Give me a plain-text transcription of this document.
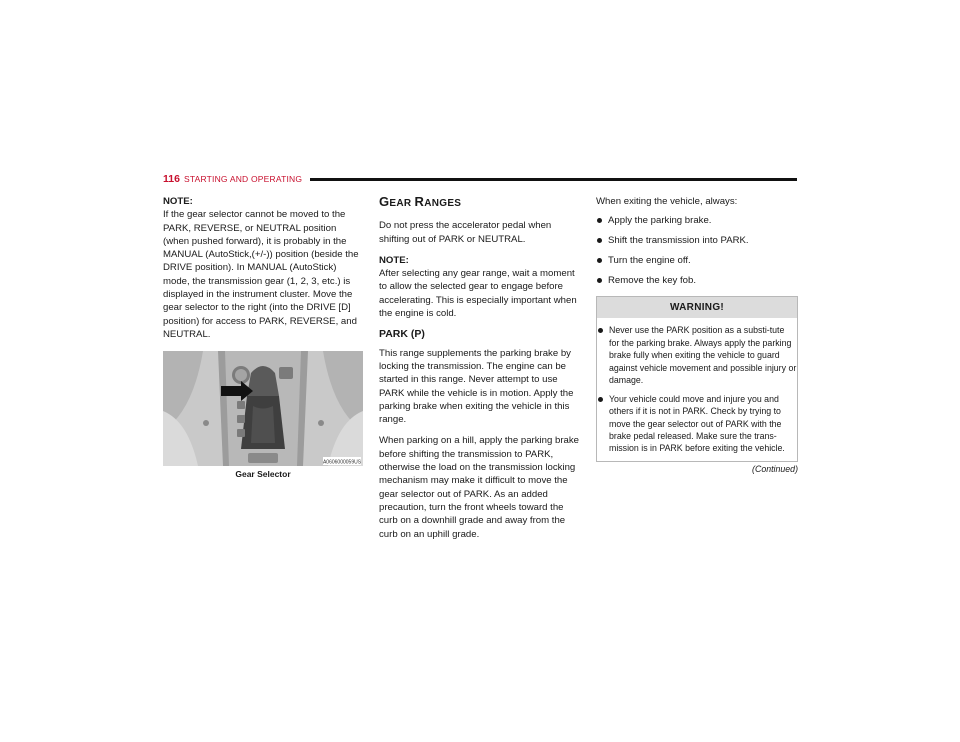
116 STARTING AND OPERATING

NOTE:

If the gear selector cannot be moved to the PARK, REVERSE, or NEUTRAL position (when pushed forward), it is probably in the MANUAL (AutoStick,(+/-)) position (beside the DRIVE position). In MANUAL (AutoStick) mode, the transmission gear (1, 2, 3, etc.) is displayed in the instrument cluster. Move the gear selector to the right (into the DRIVE [D] position) for access to PARK, REVERSE, and NEUTRAL.

A0606000059US
Gear Selector
GEAR RANGES

Do not press the accelerator pedal when shifting out of PARK or NEUTRAL.

NOTE:

After selecting any gear range, wait a moment to allow the selected gear to engage before accelerating. This is especially important when the engine is cold.

PARK (P)

This range supplements the parking brake by locking the transmission. The engine can be started in this range. Never attempt to use PARK while the vehicle is in motion. Apply the parking brake when exiting the vehicle in this range.

When parking on a hill, apply the parking brake before shifting the transmission to PARK, otherwise the load on the transmission locking mechanism may make it difficult to move the gear selector out of PARK. As an added precaution, turn the front wheels toward the curb on a downhill grade and away from the curb on an uphill grade.

When exiting the vehicle, always:

Apply the parking brake.
Shift the transmission into PARK.
Turn the engine off.
Remove the key fob.
WARNING!
Never use the PARK position as a substi-tute for the parking brake. Always apply the parking brake fully when exiting the vehicle to guard against vehicle movement and possible injury or damage.
Your vehicle could move and injure you and others if it is not in PARK. Check by trying to move the gear selector out of PARK with the brake pedal released. Make sure the trans-mission is in PARK before exiting the vehicle.
(Continued)
